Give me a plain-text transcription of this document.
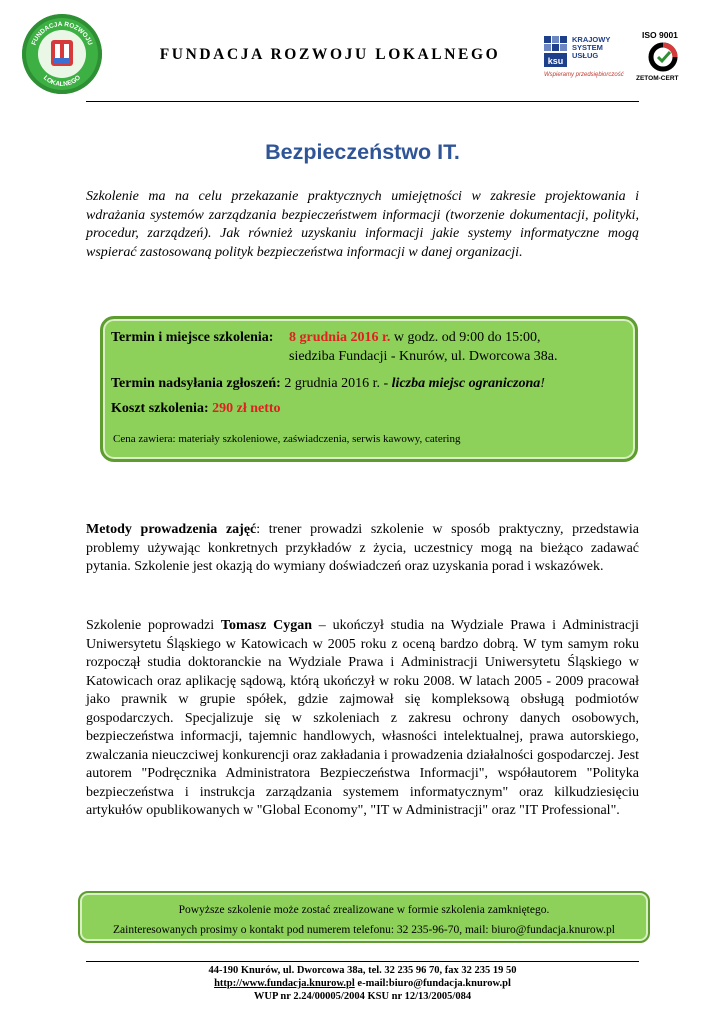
FUNDACJA ROZWOJU
LOKALNEGO
FUNDACJA ROZWOJU LOKALNEGO	ksu
KRAJOWY
SYSTEM
USŁUG
Wspieramy przedsiębiorczość
ISO 9001
ZETOM-CERT
Bezpieczeństwo IT.
Szkolenie ma na celu przekazanie praktycznych umiejętności w zakresie projektowania i wdrażania systemów zarządzania bezpieczeństwem informacji (tworzenie dokumentacji, polityki, procedur, zarządzeń). Jak również uzyskaniu informacji jakie systemy informatyczne mogą wspierać zastosowaną polityk bezpieczeństwa informacji w danej organizacji.
Termin i miejsce szkolenia: 8 grudnia 2016 r. w godz. od 9:00 do 15:00,
siedziba Fundacji - Knurów, ul. Dworcowa 38a.
Termin nadsyłania zgłoszeń: 2 grudnia 2016 r. - liczba miejsc ograniczona!
Koszt szkolenia: 290 zł netto
Cena zawiera: materiały szkoleniowe, zaświadczenia, serwis kawowy, catering
Metody prowadzenia zajęć: trener prowadzi szkolenie w sposób praktyczny, przedstawia problemy używając konkretnych przykładów z życia, uczestnicy mogą na bieżąco zadawać pytania. Szkolenie jest okazją do wymiany doświadczeń oraz uzyskania porad i wskazówek.
Szkolenie poprowadzi Tomasz Cygan – ukończył studia na Wydziale Prawa i Administracji Uniwersytetu Śląskiego w Katowicach w 2005 roku z oceną bardzo dobrą. W tym samym roku rozpoczął studia doktoranckie na Wydziale Prawa i Administracji Uniwersytetu Śląskiego w Katowicach oraz aplikację sądową, którą ukończył w roku 2008. W latach 2005 - 2009 pracował jako prawnik w grupie spółek, gdzie zajmował się kompleksową obsługą podmiotów gospodarczych. Specjalizuje się w szkoleniach z zakresu ochrony danych osobowych, bezpieczeństwa informacji, tajemnic handlowych, własności intelektualnej, prawa autorskiego, zwalczania nieuczciwej konkurencji oraz zakładania i prowadzenia działalności gospodarczej. Jest autorem "Podręcznika Administratora Bezpieczeństwa Informacji", współautorem "Polityka bezpieczeństwa i instrukcja zarządzania systemem informatycznym" oraz kilkudziesięciu artykułów opublikowanych w "Global Economy", "IT w Administracji" oraz "IT Professional".
Powyższe szkolenie może zostać zrealizowane w formie szkolenia zamkniętego.
Zainteresowanych prosimy o kontakt pod numerem telefonu: 32 235-96-70, mail: biuro@fundacja.knurow.pl
44-190 Knurów, ul. Dworcowa 38a, tel. 32 235 96 70, fax 32 235 19 50
http://www.fundacja.knurow.pl e-mail:biuro@fundacja.knurow.pl
WUP nr 2.24/00005/2004 KSU nr 12/13/2005/084
